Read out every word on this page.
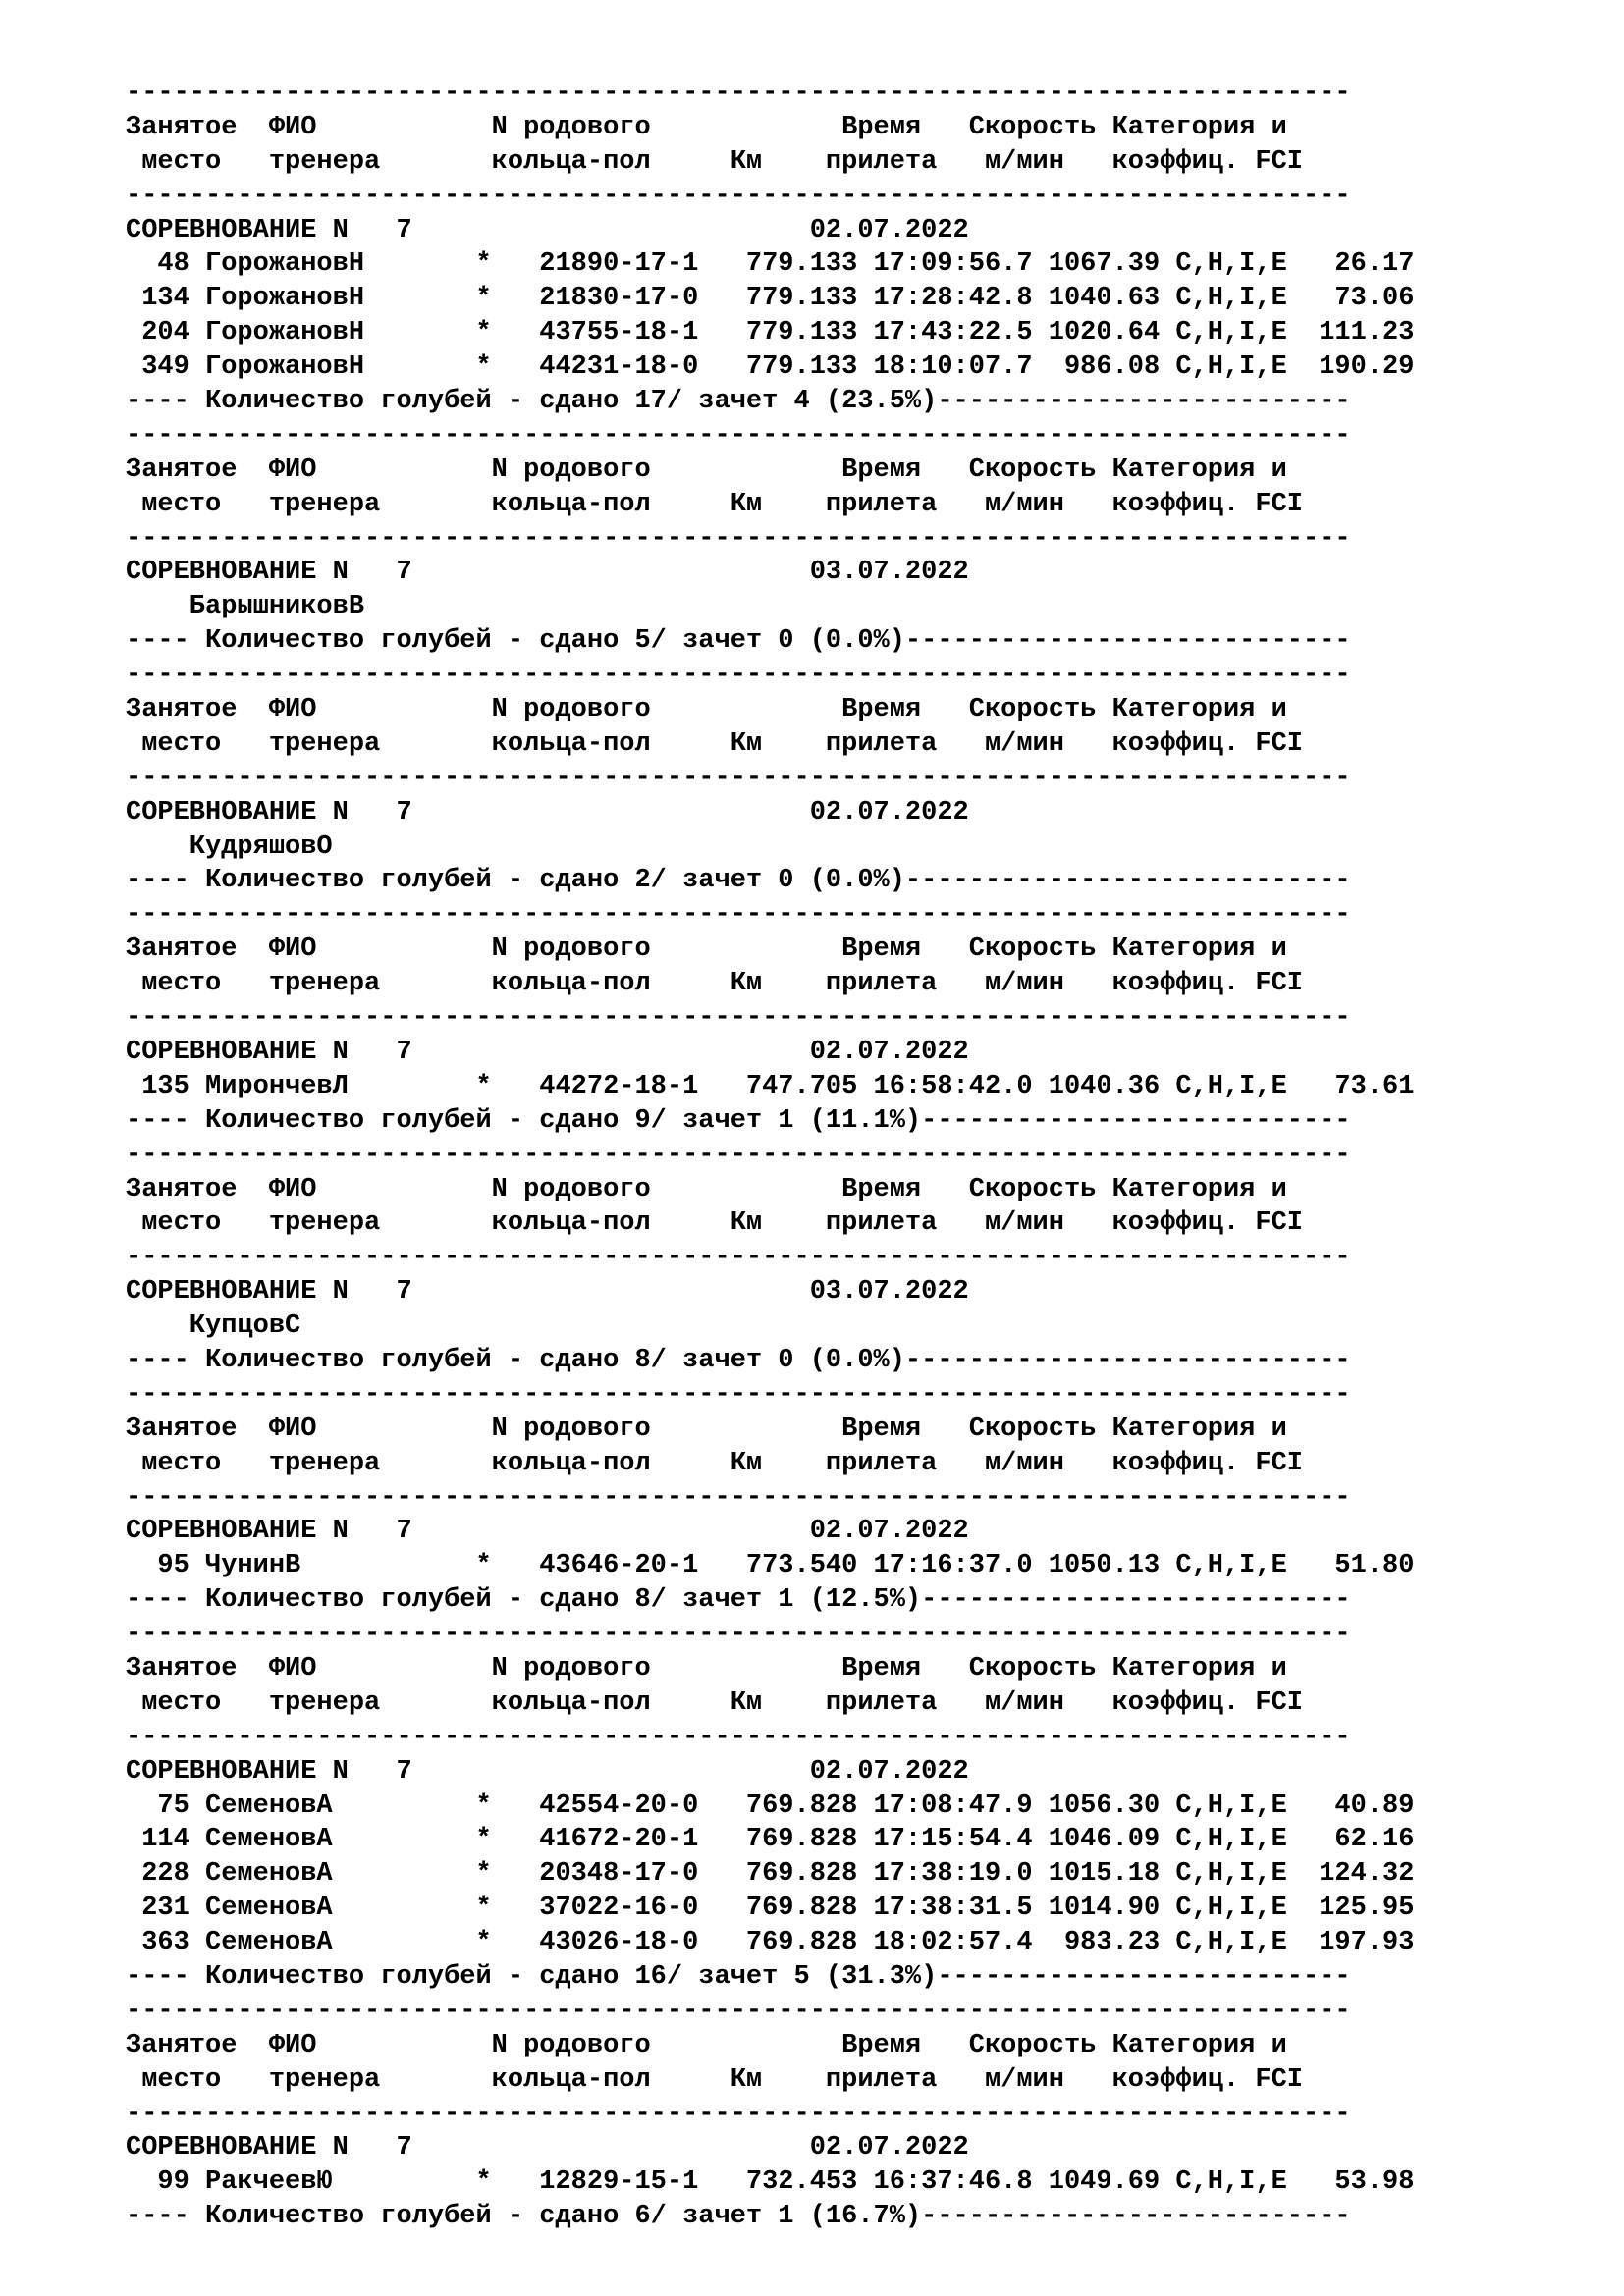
-----------------------------------------------------------------------------
Занятое  ФИО           N родового            Время   Скорость Категория и
место   тренера       кольца-пол     Км    прилета   м/мин   коэффиц. FCI
-----------------------------------------------------------------------------
СОРЕВНОВАНИЕ N   7                         02.07.2022
48 ГорожановН       *   21890-17-1   779.133 17:09:56.7 1067.39 C,H,I,E   26.17
134 ГорожановН       *   21830-17-0   779.133 17:28:42.8 1040.63 C,H,I,E   73.06
204 ГорожановН       *   43755-18-1   779.133 17:43:22.5 1020.64 C,H,I,E  111.23
349 ГорожановН       *   44231-18-0   779.133 18:10:07.7  986.08 C,H,I,E  190.29
---- Количество голубей - сдано 17/ зачет 4 (23.5%)--------------------------
-----------------------------------------------------------------------------
Занятое  ФИО           N родового            Время   Скорость Категория и
место   тренера       кольца-пол     Км    прилета   м/мин   коэффиц. FCI
-----------------------------------------------------------------------------
СОРЕВНОВАНИЕ N   7                         03.07.2022
БарышниковВ
---- Количество голубей - сдано 5/ зачет 0 (0.0%)----------------------------
-----------------------------------------------------------------------------
Занятое  ФИО           N родового            Время   Скорость Категория и
место   тренера       кольца-пол     Км    прилета   м/мин   коэффиц. FCI
-----------------------------------------------------------------------------
СОРЕВНОВАНИЕ N   7                         02.07.2022
КудряшовО
---- Количество голубей - сдано 2/ зачет 0 (0.0%)----------------------------
-----------------------------------------------------------------------------
Занятое  ФИО           N родового            Время   Скорость Категория и
место   тренера       кольца-пол     Км    прилета   м/мин   коэффиц. FCI
-----------------------------------------------------------------------------
СОРЕВНОВАНИЕ N   7                         02.07.2022
135 МирончевЛ        *   44272-18-1   747.705 16:58:42.0 1040.36 C,H,I,E   73.61
---- Количество голубей - сдано 9/ зачет 1 (11.1%)---------------------------
-----------------------------------------------------------------------------
Занятое  ФИО           N родового            Время   Скорость Категория и
место   тренера       кольца-пол     Км    прилета   м/мин   коэффиц. FCI
-----------------------------------------------------------------------------
СОРЕВНОВАНИЕ N   7                         03.07.2022
КупцовС
---- Количество голубей - сдано 8/ зачет 0 (0.0%)----------------------------
-----------------------------------------------------------------------------
Занятое  ФИО           N родового            Время   Скорость Категория и
место   тренера       кольца-пол     Км    прилета   м/мин   коэффиц. FCI
-----------------------------------------------------------------------------
СОРЕВНОВАНИЕ N   7                         02.07.2022
95 ЧунинВ           *   43646-20-1   773.540 17:16:37.0 1050.13 C,H,I,E   51.80
---- Количество голубей - сдано 8/ зачет 1 (12.5%)---------------------------
-----------------------------------------------------------------------------
Занятое  ФИО           N родового            Время   Скорость Категория и
место   тренера       кольца-пол     Км    прилета   м/мин   коэффиц. FCI
-----------------------------------------------------------------------------
СОРЕВНОВАНИЕ N   7                         02.07.2022
75 СеменовА         *   42554-20-0   769.828 17:08:47.9 1056.30 C,H,I,E   40.89
114 СеменовА         *   41672-20-1   769.828 17:15:54.4 1046.09 C,H,I,E   62.16
228 СеменовА         *   20348-17-0   769.828 17:38:19.0 1015.18 C,H,I,E  124.32
231 СеменовА         *   37022-16-0   769.828 17:38:31.5 1014.90 C,H,I,E  125.95
363 СеменовА         *   43026-18-0   769.828 18:02:57.4  983.23 C,H,I,E  197.93
---- Количество голубей - сдано 16/ зачет 5 (31.3%)--------------------------
-----------------------------------------------------------------------------
Занятое  ФИО           N родового            Время   Скорость Категория и
место   тренера       кольца-пол     Км    прилета   м/мин   коэффиц. FCI
-----------------------------------------------------------------------------
СОРЕВНОВАНИЕ N   7                         02.07.2022
99 РакчеевЮ         *   12829-15-1   732.453 16:37:46.8 1049.69 C,H,I,E   53.98
---- Количество голубей - сдано 6/ зачет 1 (16.7%)---------------------------
